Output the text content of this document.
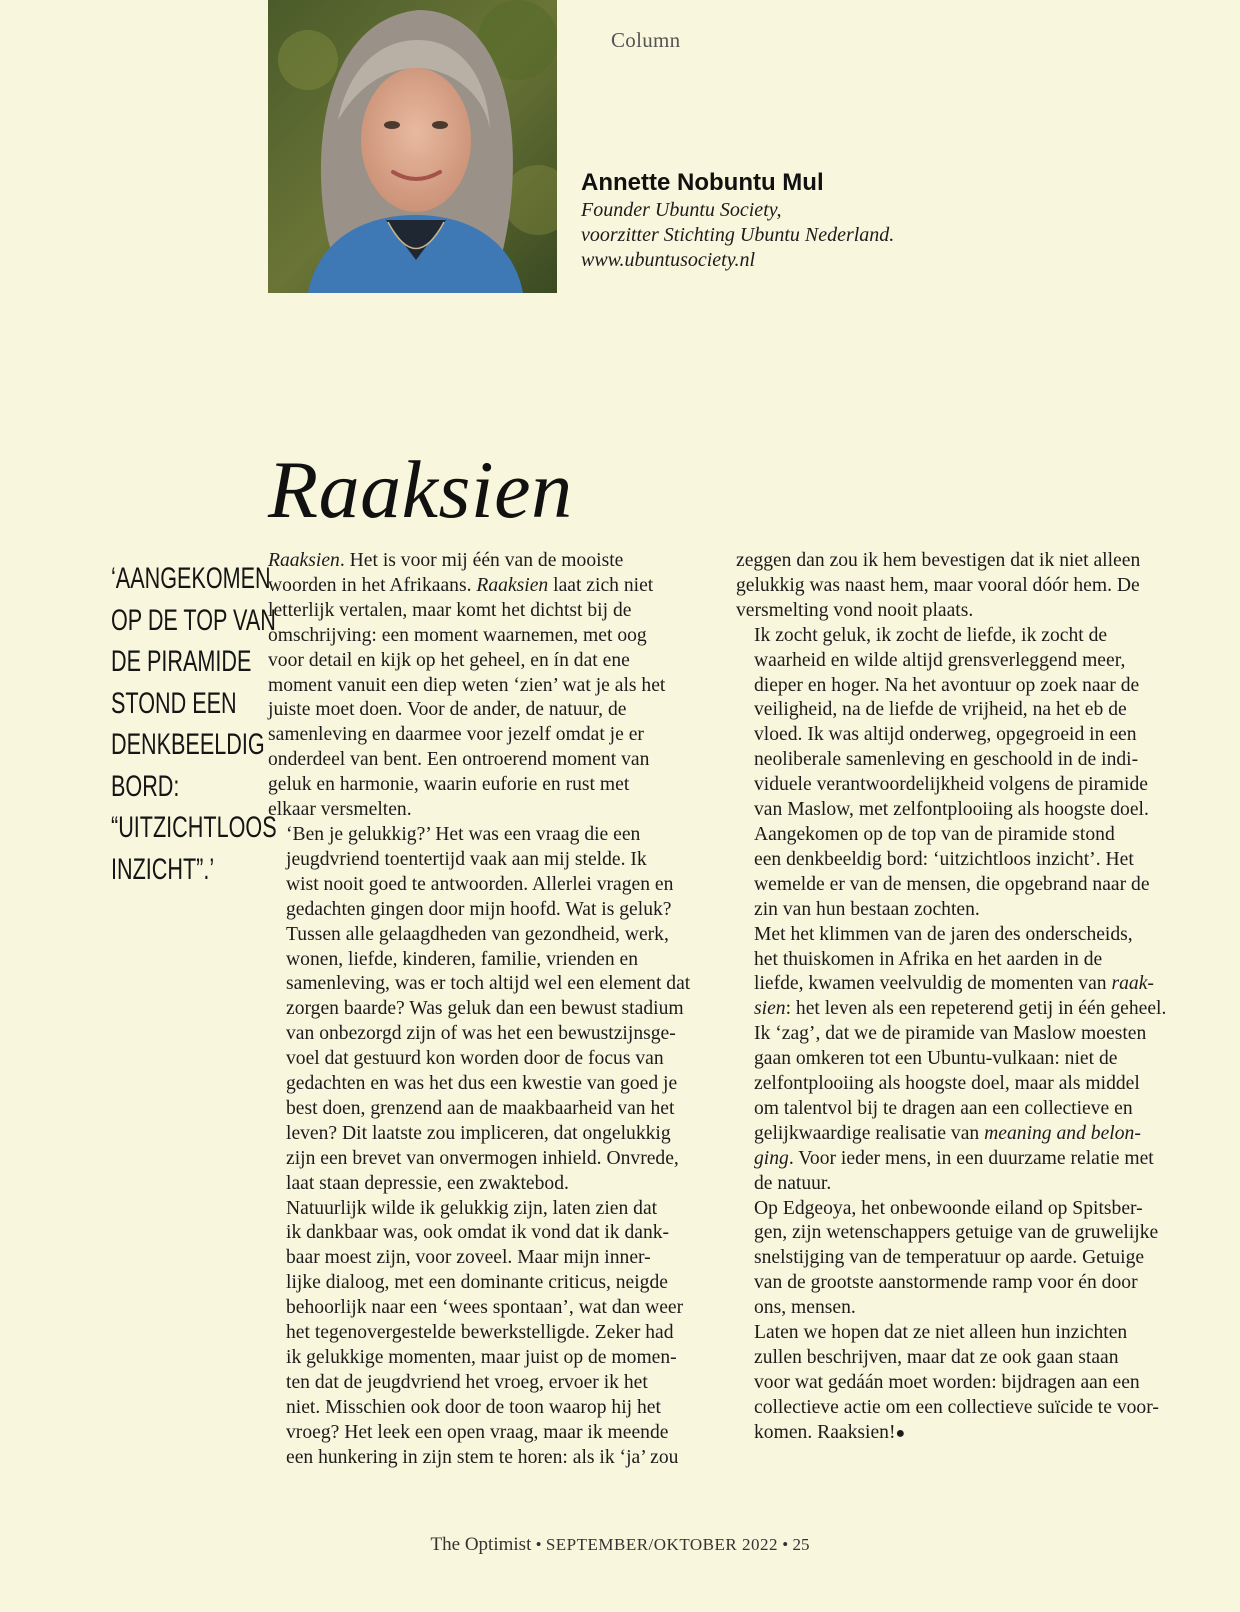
Column
Annette Nobuntu Mul
Founder Ubuntu Society,
voorzitter Stichting Ubuntu Nederland.
www.ubuntusociety.nl
Raaksien
‘AANGEKOMEN
OP DE TOP VAN
DE PIRAMIDE
STOND EEN
DENKBEELDIG
BORD:
“UITZICHTLOOS
INZICHT”.’

Raaksien. Het is voor mij één van de mooiste
woorden in het Afrikaans. Raaksien laat zich niet
letterlijk vertalen, maar komt het dichtst bij de
omschrijving: een moment waarnemen, met oog
voor detail en kijk op het geheel, en ín dat ene
moment vanuit een diep weten ‘zien’ wat je als het
juiste moet doen. Voor de ander, de natuur, de
samenleving en daarmee voor jezelf omdat je er
onderdeel van bent. Een ontroerend moment van
geluk en harmonie, waarin euforie en rust met
elkaar versmelten.

‘Ben je gelukkig?’ Het was een vraag die een
jeugdvriend toentertijd vaak aan mij stelde. Ik
wist nooit goed te antwoorden. Allerlei vragen en
gedachten gingen door mijn hoofd. Wat is geluk?
Tussen alle gelaagdheden van gezondheid, werk,
wonen, liefde, kinderen, familie, vrienden en
samenleving, was er toch altijd wel een element dat
zorgen baarde? Was geluk dan een bewust stadium
van onbezorgd zijn of was het een bewustzijnsge-
voel dat gestuurd kon worden door de focus van
gedachten en was het dus een kwestie van goed je
best doen, grenzend aan de maakbaarheid van het
leven? Dit laatste zou impliceren, dat ongelukkig
zijn een brevet van onvermogen inhield. Onvrede,
laat staan depressie, een zwaktebod.

Natuurlijk wilde ik gelukkig zijn, laten zien dat
ik dankbaar was, ook omdat ik vond dat ik dank-
baar moest zijn, voor zoveel. Maar mijn inner-
lijke dialoog, met een dominante criticus, neigde
behoorlijk naar een ‘wees spontaan’, wat dan weer
het tegenovergestelde bewerkstelligde. Zeker had
ik gelukkige momenten, maar juist op de momen-
ten dat de jeugdvriend het vroeg, ervoer ik het
niet. Misschien ook door de toon waarop hij het
vroeg? Het leek een open vraag, maar ik meende
een hunkering in zijn stem te horen: als ik ‘ja’ zou

zeggen dan zou ik hem bevestigen dat ik niet alleen
gelukkig was naast hem, maar vooral dóór hem. De
versmelting vond nooit plaats.

Ik zocht geluk, ik zocht de liefde, ik zocht de
waarheid en wilde altijd grensverleggend meer,
dieper en hoger. Na het avontuur op zoek naar de
veiligheid, na de liefde de vrijheid, na het eb de
vloed. Ik was altijd onderweg, opgegroeid in een
neoliberale samenleving en geschoold in de indi-
viduele verantwoordelijkheid volgens de piramide
van Maslow, met zelfontplooiing als hoogste doel.
Aangekomen op de top van de piramide stond
een denkbeeldig bord: ‘uitzichtloos inzicht’. Het
wemelde er van de mensen, die opgebrand naar de
zin van hun bestaan zochten.

Met het klimmen van de jaren des onderscheids,
het thuiskomen in Afrika en het aarden in de
liefde, kwamen veelvuldig de momenten van raak-
sien: het leven als een repeterend getij in één geheel.
Ik ‘zag’, dat we de piramide van Maslow moesten
gaan omkeren tot een Ubuntu-vulkaan: niet de
zelfontplooiing als hoogste doel, maar als middel
om talentvol bij te dragen aan een collectieve en
gelijkwaardige realisatie van meaning and belon-
ging. Voor ieder mens, in een duurzame relatie met
de natuur.

Op Edgeoya, het onbewoonde eiland op Spitsber-
gen, zijn wetenschappers getuige van de gruwelijke
snelstijging van de temperatuur op aarde. Getuige
van de grootste aanstormende ramp voor én door
ons, mensen.

Laten we hopen dat ze niet alleen hun inzichten
zullen beschrijven, maar dat ze ook gaan staan
voor wat gedáán moet worden: bijdragen aan een
collectieve actie om een collectieve suïcide te voor-
komen. Raaksien!●

The Optimist • SEPTEMBER/OKTOBER 2022 • 25
